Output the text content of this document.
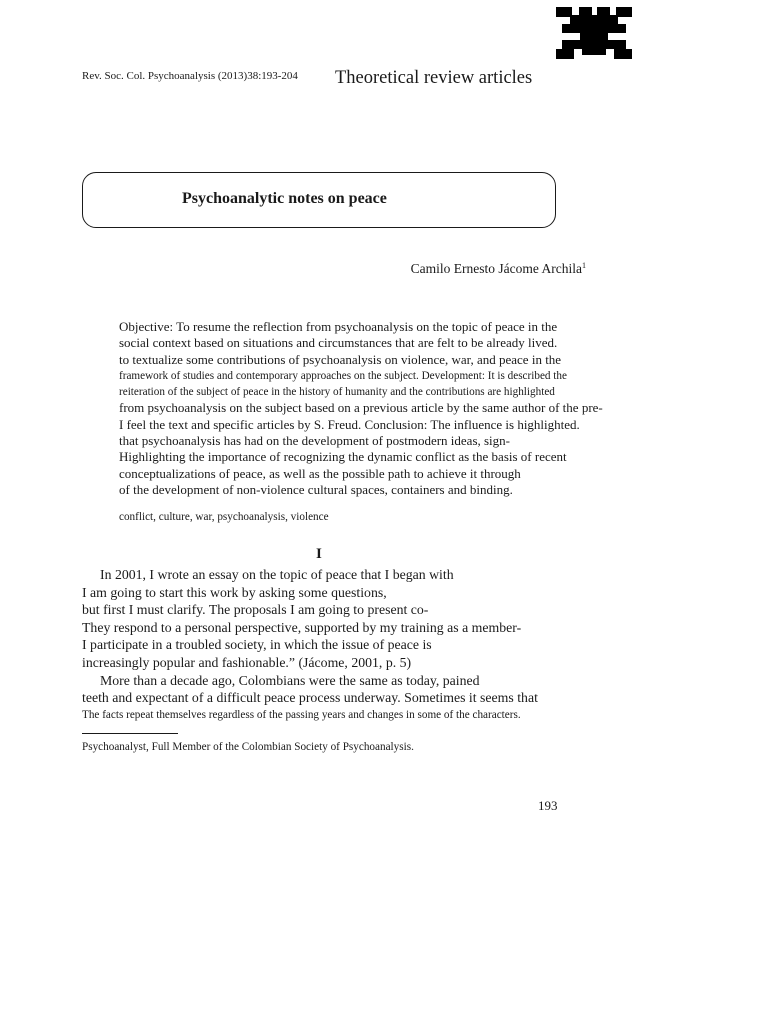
Rev. Soc. Col. Psychoanalysis (2013)38:193-204 Theoretical review articles
Psychoanalytic notes on peace
Camilo Ernesto Jácome Archila$^1$
Objective: To resume the reflection from psychoanalysis on the topic of peace in the
social context based on situations and circumstances that are felt to be already lived.
to textualize some contributions of psychoanalysis on violence, war, and peace in the
framework of studies and contemporary approaches on the subject. Development: It is described the
reiteration of the subject of peace in the history of humanity and the contributions are highlighted
from psychoanalysis on the subject based on a previous article by the same author of the pre-
I feel the text and specific articles by S. Freud. Conclusion: The influence is highlighted.
that psychoanalysis has had on the development of postmodern ideas, sign-
Highlighting the importance of recognizing the dynamic conflict as the basis of recent
conceptualizations of peace, as well as the possible path to achieve it through
of the development of non-violence cultural spaces, containers and binding.
conflict, culture, war, psychoanalysis, violence
I
In 2001, I wrote an essay on the topic of peace that I began with
I am going to start this work by asking some questions,
but first I must clarify. The proposals I am going to present co-
They respond to a personal perspective, supported by my training as a member-
I participate in a troubled society, in which the issue of peace is
increasingly popular and fashionable.” (Jácome, 2001, p. 5)
More than a decade ago, Colombians were the same as today, pained
teeth and expectant of a difficult peace process underway. Sometimes it seems that
The facts repeat themselves regardless of the passing years and changes in some of the characters.
Psychoanalyst, Full Member of the Colombian Society of Psychoanalysis.
193
